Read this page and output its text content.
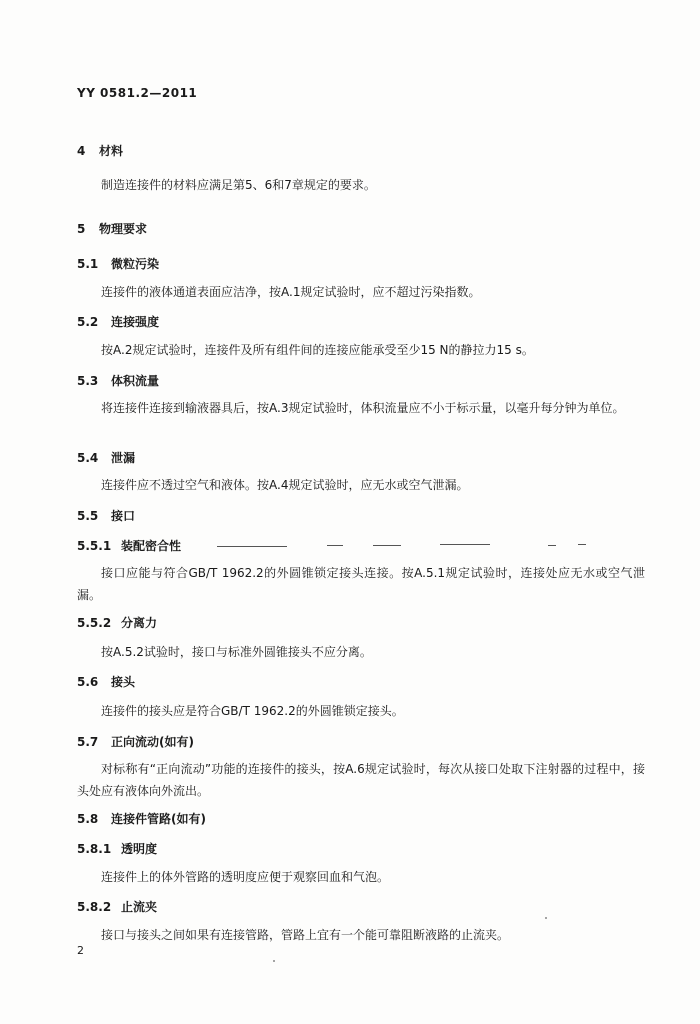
YY 0581.2—2011
4 材料
制造连接件的材料应满足第5、6和7章规定的要求。
5 物理要求
5.1 微粒污染
连接件的液体通道表面应洁净，按A.1规定试验时，应不超过污染指数。
5.2 连接强度
按A.2规定试验时，连接件及所有组件间的连接应能承受至少15 N的静拉力15 s。
5.3 体积流量
将连接件连接到输液器具后，按A.3规定试验时，体积流量应不小于标示量，以毫升每分钟为单位。
5.4 泄漏
连接件应不透过空气和液体。按A.4规定试验时，应无水或空气泄漏。
5.5 接口
5.5.1 装配密合性
接口应能与符合GB/T 1962.2的外圆锥锁定接头连接。按A.5.1规定试验时，连接处应无水或空气泄漏。
5.5.2 分离力
按A.5.2试验时，接口与标准外圆锥接头不应分离。
5.6 接头
连接件的接头应是符合GB/T 1962.2的外圆锥锁定接头。
5.7 正向流动(如有)
对标称有“正向流动”功能的连接件的接头，按A.6规定试验时，每次从接口处取下注射器的过程中，接头处应有液体向外流出。
5.8 连接件管路(如有)
5.8.1 透明度
连接件上的体外管路的透明度应便于观察回血和气泡。
5.8.2 止流夹
接口与接头之间如果有连接管路，管路上宜有一个能可靠阻断液路的止流夹。
2
